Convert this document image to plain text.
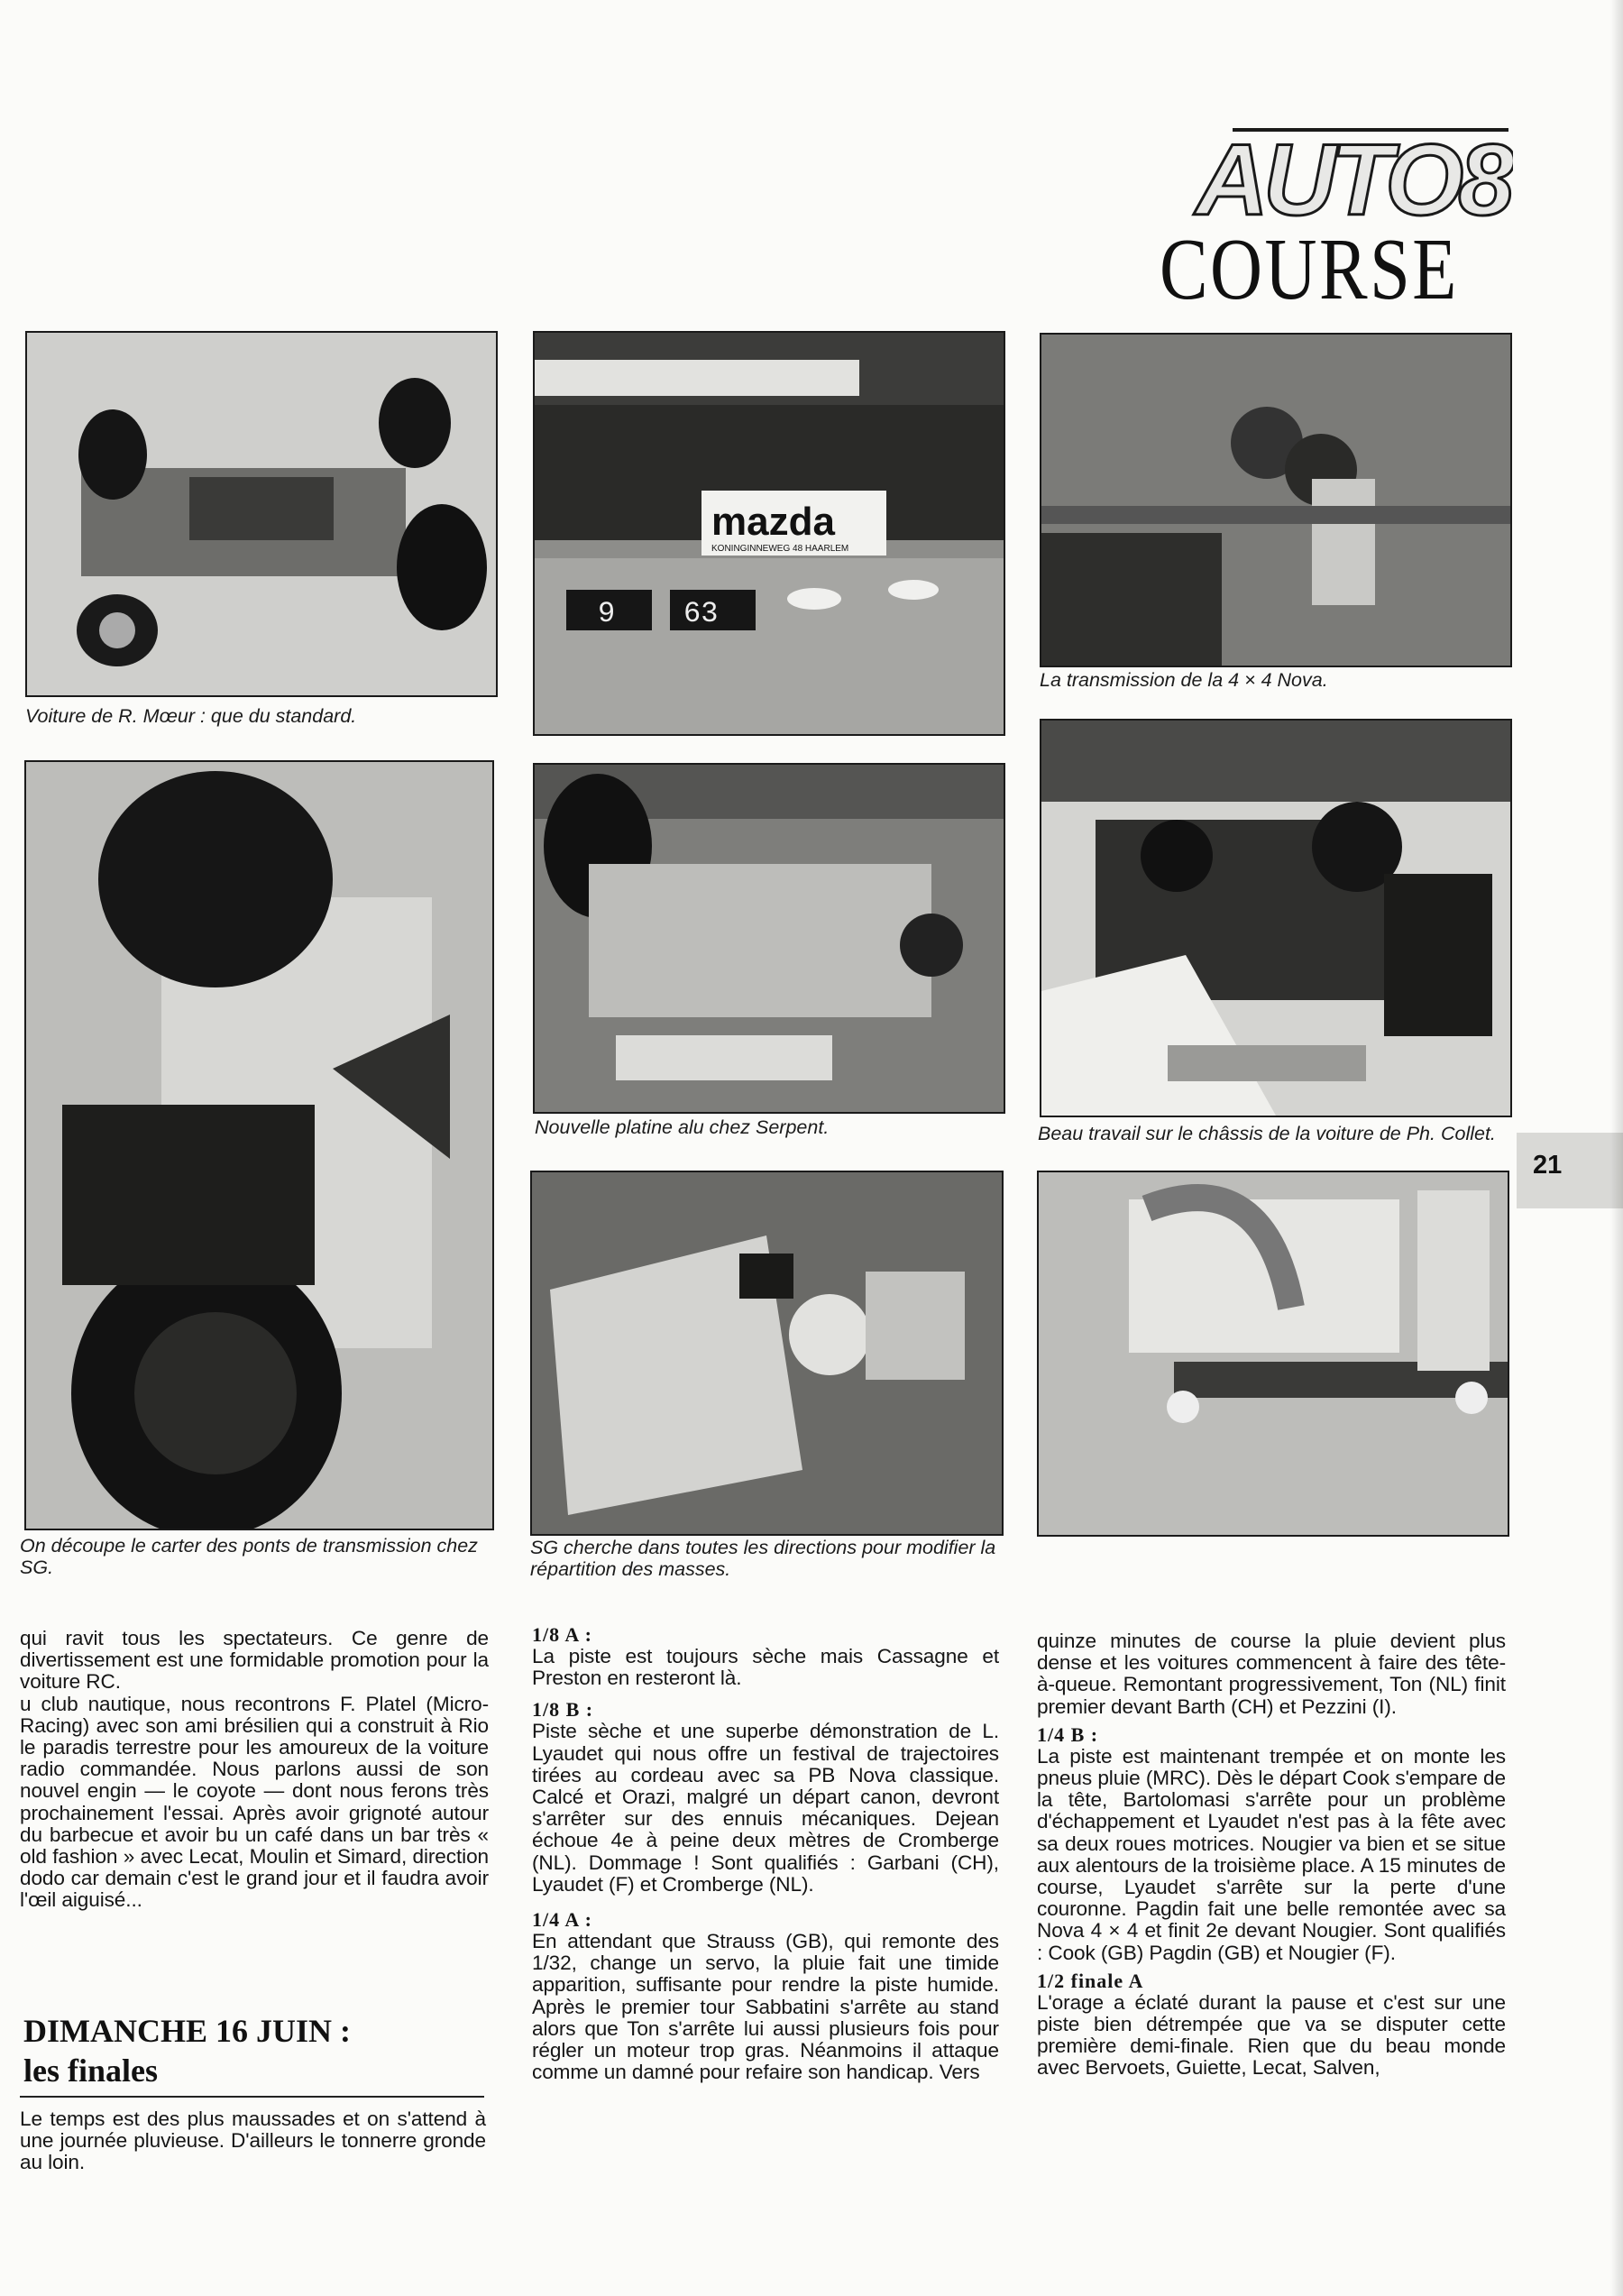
AUTO8
COURSE
Voiture de R. Mœur : que du standard.
mazda
KONINGINNEWEG 48 HAARLEM
9 63
La transmission de la 4 × 4 Nova.
On découpe le carter des ponts de transmission chez SG.
Nouvelle platine alu chez Serpent.	Beau travail sur le châssis de la voiture de Ph. Collet.
SG cherche dans toutes les directions pour modifier la répartition des masses.
21

qui ravit tous les spectateurs. Ce genre de divertissement est une formidable promotion pour la voiture RC.

u club nautique, nous recontrons F. Platel (Micro-Racing) avec son ami brésilien qui a construit à Rio le paradis terrestre pour les amoureux de la voiture radio commandée. Nous parlons aussi de son nouvel engin — le coyote — dont nous ferons très prochainement l'essai. Après avoir grignoté autour du barbecue et avoir bu un café dans un bar très « old fashion » avec Lecat, Moulin et Simard, direction dodo car demain c'est le grand jour et il faudra avoir l'œil aiguisé...

DIMANCHE 16 JUIN :
les finales

Le temps est des plus maussades et on s'attend à une journée pluvieuse. D'ailleurs le tonnerre gronde au loin.

1/8 A :

La piste est toujours sèche mais Cassagne et Preston en resteront là.

1/8 B :

Piste sèche et une superbe démonstration de L. Lyaudet qui nous offre un festival de trajectoires tirées au cordeau avec sa PB Nova classique. Calcé et Orazi, malgré un départ canon, devront s'arrêter sur des ennuis mécaniques. Dejean échoue 4e à peine deux mètres de Cromberge (NL). Dommage ! Sont qualifiés : Garbani (CH), Lyaudet (F) et Cromberge (NL).

1/4 A :

En attendant que Strauss (GB), qui remonte des 1/32, change un servo, la pluie fait une timide apparition, suffisante pour rendre la piste humide. Après le premier tour Sabbatini s'arrête au stand alors que Ton s'arrête lui aussi plusieurs fois pour régler un moteur trop gras. Néanmoins il attaque comme un damné pour refaire son handicap. Vers

quinze minutes de course la pluie devient plus dense et les voitures commencent à faire des tête-à-queue. Remontant progressivement, Ton (NL) finit premier devant Barth (CH) et Pezzini (I).

1/4 B :

La piste est maintenant trempée et on monte les pneus pluie (MRC). Dès le départ Cook s'empare de la tête, Bartolomasi s'arrête pour un problème d'échappement et Lyaudet n'est pas à la fête avec sa deux roues motrices. Nougier va bien et se situe aux alentours de la troisième place. A 15 minutes de course, Lyaudet s'arrête sur la perte d'une couronne. Pagdin fait une belle remontée avec sa Nova 4 × 4 et finit 2e devant Nougier. Sont qualifiés : Cook (GB) Pagdin (GB) et Nougier (F).

1/2 finale A

L'orage a éclaté durant la pause et c'est sur une piste bien détrempée que va se disputer cette première demi-finale. Rien que du beau monde avec Bervoets, Guiette, Lecat, Salven,
